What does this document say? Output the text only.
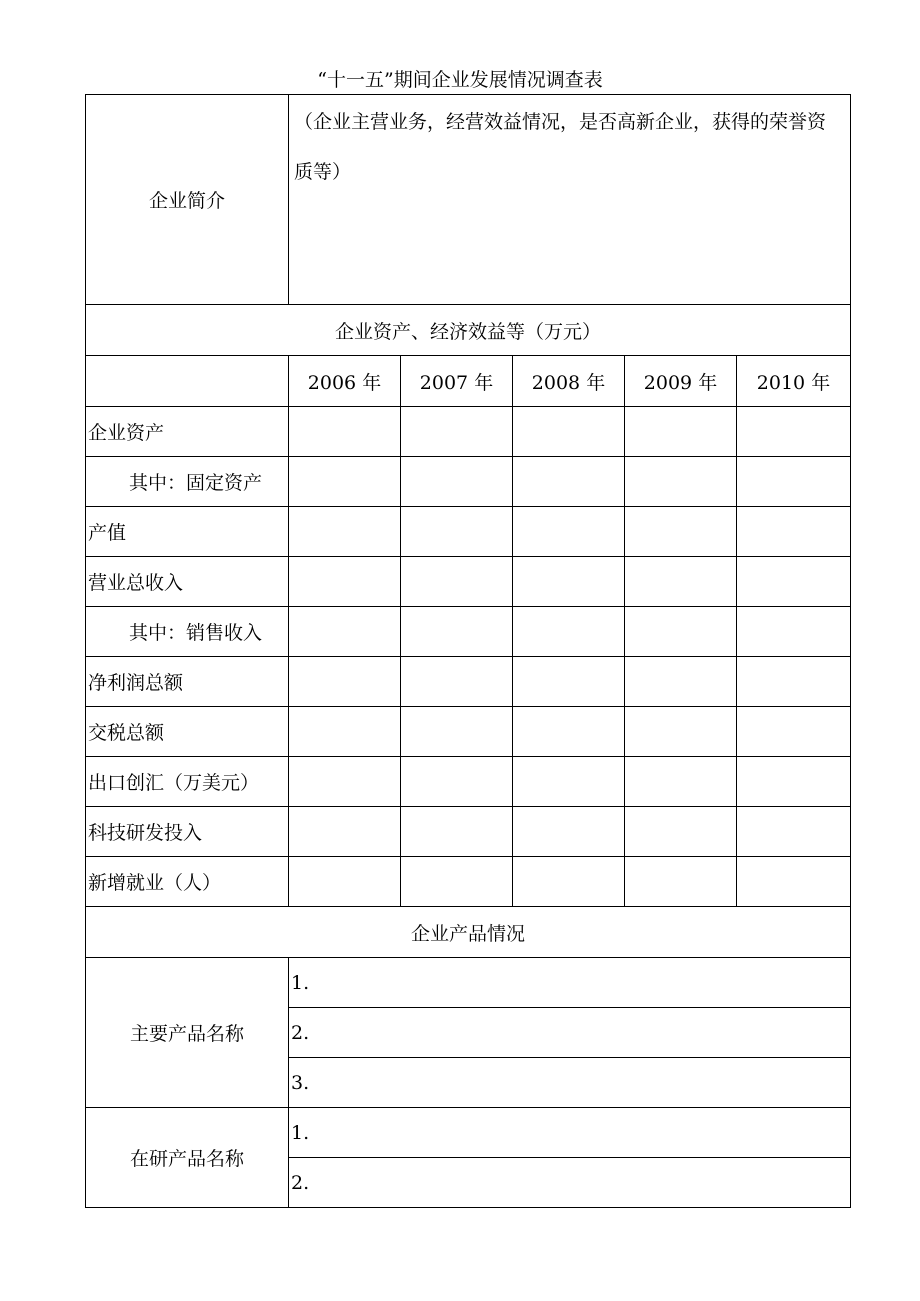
“十一五”期间企业发展情况调查表
企业简介	（企业主营业务，经营效益情况，是否高新企业，获得的荣誉资质等）				

企业资产、经济效益等（万元）					
	2006 年	2007 年	2008 年	2009 年	2010 年
企业资产					
其中：固定资产					
产值					
营业总收入					
其中：销售收入					
净利润总额					
交税总额					
出口创汇（万美元）					
科技研发投入					
新增就业（人）					
企业产品情况					
主要产品名称	1.				
	2.				
	3.				
在研产品名称	1.				
	2.				
